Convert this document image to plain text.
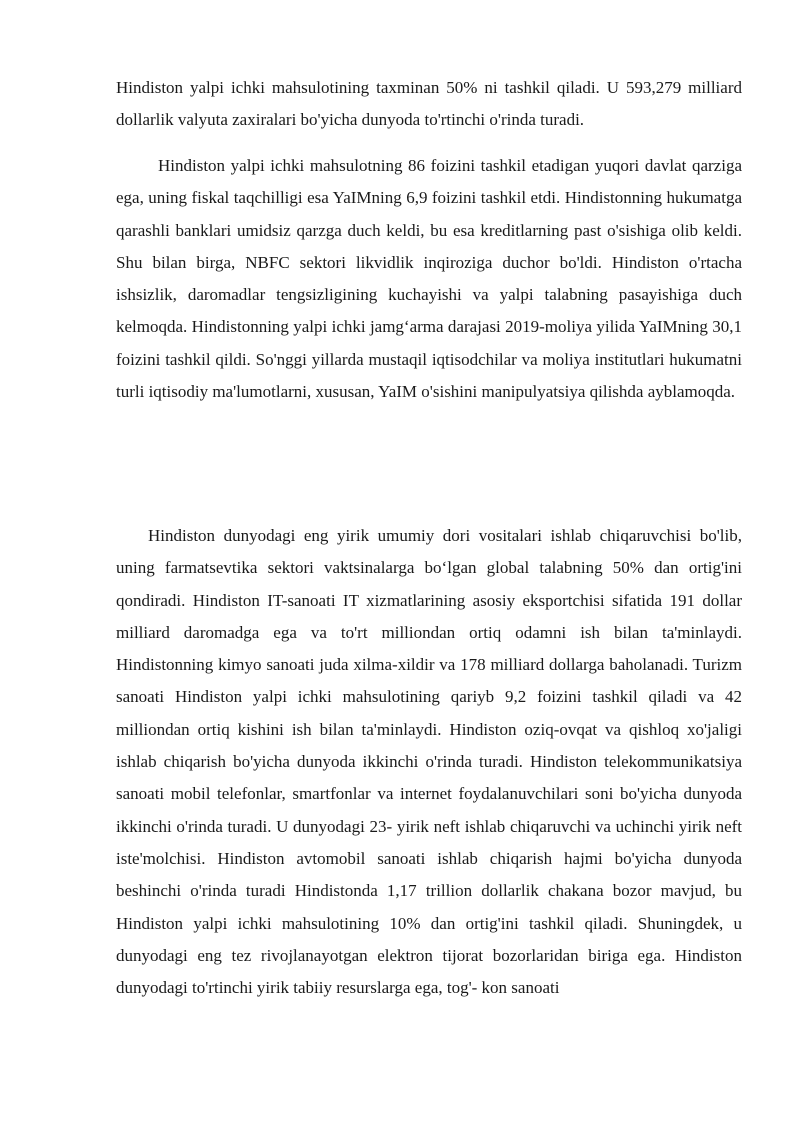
Hindiston yalpi ichki mahsulotining taxminan 50% ni tashkil qiladi. U 593,279 milliard dollarlik valyuta zaxiralari bo'yicha dunyoda to'rtinchi o'rinda turadi.

Hindiston yalpi ichki mahsulotning 86 foizini tashkil etadigan yuqori davlat qarziga ega, uning fiskal taqchilligi esa YaIMning 6,9 foizini tashkil etdi. Hindistonning hukumatga qarashli banklari umidsiz qarzga duch keldi, bu esa kreditlarning past o'sishiga olib keldi. Shu bilan birga, NBFC sektori likvidlik inqiroziga duchor bo'ldi. Hindiston o'rtacha ishsizlik, daromadlar tengsizligining kuchayishi va yalpi talabning pasayishiga duch kelmoqda. Hindistonning yalpi ichki jamg‘arma darajasi 2019-moliya yilida YaIMning 30,1 foizini tashkil qildi. So'nggi yillarda mustaqil iqtisodchilar va moliya institutlari hukumatni turli iqtisodiy ma'lumotlarni, xususan, YaIM o'sishini manipulyatsiya qilishda ayblamoqda.

Hindiston dunyodagi eng yirik umumiy dori vositalari ishlab chiqaruvchisi bo'lib, uning farmatsevtika sektori vaktsinalarga bo‘lgan global talabning 50% dan ortig'ini qondiradi. Hindiston IT-sanoati IT xizmatlarining asosiy eksportchisi sifatida 191 dollar milliard daromadga ega va to'rt milliondan ortiq odamni ish bilan ta'minlaydi. Hindistonning kimyo sanoati juda xilma-xildir va 178 milliard dollarga baholanadi. Turizm sanoati Hindiston yalpi ichki mahsulotining qariyb 9,2 foizini tashkil qiladi va 42 milliondan ortiq kishini ish bilan ta'minlaydi. Hindiston oziq-ovqat va qishloq xo'jaligi ishlab chiqarish bo'yicha dunyoda ikkinchi o'rinda turadi. Hindiston telekommunikatsiya sanoati mobil telefonlar, smartfonlar va internet foydalanuvchilari soni bo'yicha dunyoda ikkinchi o'rinda turadi. U dunyodagi 23- yirik neft ishlab chiqaruvchi va uchinchi yirik neft iste'molchisi. Hindiston avtomobil sanoati ishlab chiqarish hajmi bo'yicha dunyoda beshinchi o'rinda turadi Hindistonda 1,17 trillion dollarlik chakana bozor mavjud, bu Hindiston yalpi ichki mahsulotining 10% dan ortig'ini tashkil qiladi. Shuningdek, u dunyodagi eng tez rivojlanayotgan elektron tijorat bozorlaridan biriga ega. Hindiston dunyodagi to'rtinchi yirik tabiiy resurslarga ega, tog'- kon sanoati
